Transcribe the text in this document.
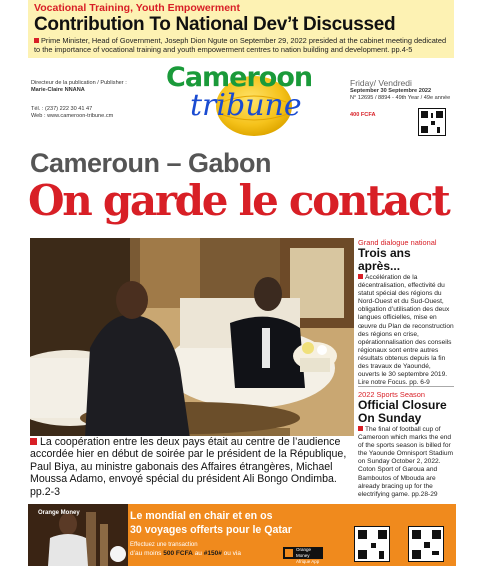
Vocational Training, Youth Empowerment
Contribution To National Dev’t Discussed
Prime Minister, Head of Government, Joseph Dion Ngute on September 29, 2022 presided at the cabinet meeting dedicated to the importance of vocational training and youth empowerment centres to nation building and development. pp.4-5
Directeur de la publication / Publisher :
Marie-Claire NNANA
Tél. : (237) 222 30 41 47
Web : www.cameroon-tribune.cm
Cameroon
tribune
Friday/ Vendredi
September 30 Septembre 2022
N° 12695 / 8894 - 49th Year / 49e année
400 FCFA
Cameroun – Gabon
On garde le contact
La coopération entre les deux pays était au centre de l’audience accordée hier en début de soirée par le président de la République, Paul Biya, au ministre gabonais des Affaires étrangères, Michael Moussa Adamo, envoyé spécial du président Ali Bongo Ondimba. pp.2-3
Grand dialogue national
Trois ans après...
Accélération de la décentralisation, effectivité du statut spécial des régions du Nord-Ouest et du Sud-Ouest, obligation d’utilisation des deux langues officielles, mise en œuvre du Plan de reconstruction des régions en crise, opérationnalisation des conseils régionaux sont entre autres résultats obtenus depuis la fin des travaux de Yaoundé, ouverts le 30 septembre 2019.
Lire notre Focus. pp. 6-9
2022 Sports Season
Official Closure On Sunday
The final of football cup of Cameroon which marks the end of the sports season is billed for the Yaounde Omnisport Stadium on Sunday October 2, 2022. Coton Sport of Garoua and Bamboutos of Mbouda are already bracing up for the electrifying game. pp.28-29
Orange Money	Le mondial en chair et en os
30 voyages offerts pour le Qatar
Effectuez une transaction
d’au moins 500 FCFA au #150# ou via
Orange Money Afrique App
